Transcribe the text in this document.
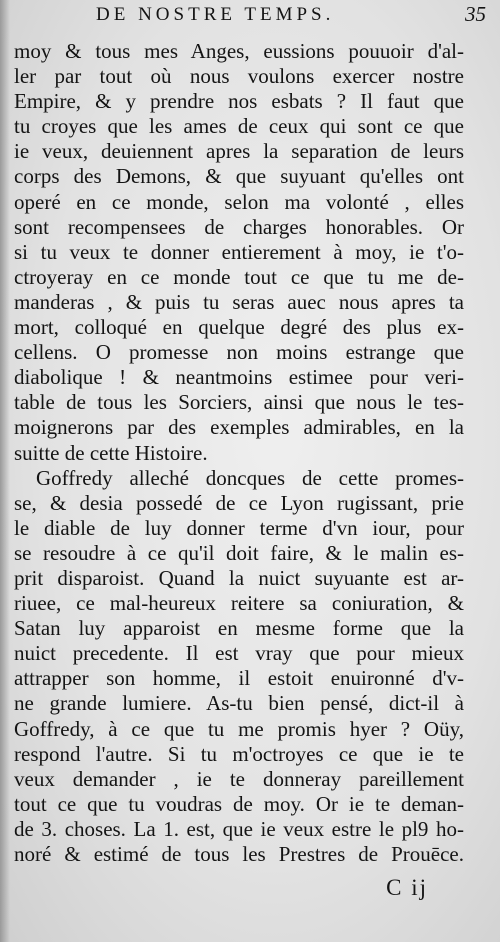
DE NOSTRE TEMPS.	35
moy & tous mes Anges, eussions pouuoir d'al-
ler par tout où nous voulons exercer nostre
Empire, & y prendre nos esbats ? Il faut que
tu croyes que les ames de ceux qui sont ce que
ie veux, deuiennent apres la separation de leurs
corps des Demons, & que suyuant qu'elles ont
operé en ce monde, selon ma volonté , elles
sont recompensees de charges honorables. Or
si tu veux te donner entierement à moy, ie t'o-
ctroyeray en ce monde tout ce que tu me de-
manderas , & puis tu seras auec nous apres ta
mort, colloqué en quelque degré des plus ex-
cellens. O promesse non moins estrange que
diabolique ! & neantmoins estimee pour veri-
table de tous les Sorciers, ainsi que nous le tes-
moignerons par des exemples admirables, en la
suitte de cette Histoire.
Goffredy alleché doncques de cette promes-
se, & desia possedé de ce Lyon rugissant, prie
le diable de luy donner terme d'vn iour, pour
se resoudre à ce qu'il doit faire, & le malin es-
prit disparoist. Quand la nuict suyuante est ar-
riuee, ce mal-heureux reitere sa coniuration, &
Satan luy apparoist en mesme forme que la
nuict precedente. Il est vray que pour mieux
attrapper son homme, il estoit enuironné d'v-
ne grande lumiere. As-tu bien pensé, dict-il à
Goffredy, à ce que tu me promis hyer ? Oüy,
respond l'autre. Si tu m'octroyes ce que ie te
veux demander , ie te donneray pareillement
tout ce que tu voudras de moy. Or ie te deman-
de 3. choses. La 1. est, que ie veux estre le pl9 ho-
noré & estimé de tous les Prestres de Prouēce.
C ij
